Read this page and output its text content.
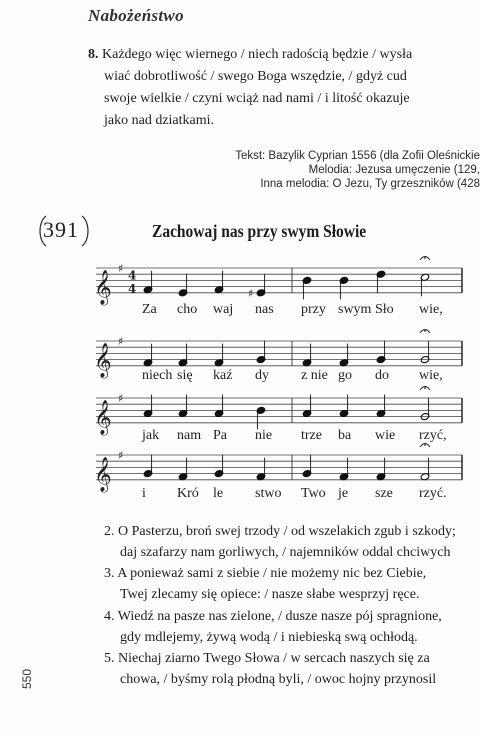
Nabożeństwo
8. Każdego więc wiernego / niech radością będzie / wysła
wiać dobrotliwość / swego Boga wszędzie, / gdyż cud
swoje wielkie / czyni wciąż nad nami / i litość okazuje
jako nad dziatkami.
Tekst: Bazylik Cyprian 1556 (dla Zofii Oleśnickie
Melodia: Jezusa umęczenie (129,
Inna melodia: O Jezu, Ty grzeszników (428
391	Zachowaj nas przy swym Słowie
𝄞
♯ 4
4	♯
𝄞
♯
𝄞
♯
𝄞
♯
Za cho waj nas przy swym Sło wie,
niech się kaź dy z nie go do wie,
jak nam Pa nie trze ba wie rzyć,
i Kró le stwo Two je sze rzyć.
2. O Pasterzu, broń swej trzody / od wszelakich zgub i szkody;
daj szafarzy nam gorliwych, / najemników oddal chciwych
3. A ponieważ sami z siebie / nie możemy nic bez Ciebie,
Twej zlecamy się opiece: / nasze słabe wesprzyj ręce.
4. Wiedź na pasze nas zielone, / dusze nasze pój spragnione,
gdy mdlejemy, żywą wodą / i niebieską swą ochłodą.
5. Niechaj ziarno Twego Słowa / w sercach naszych się za
chowa, / byśmy rolą płodną byli, / owoc hojny przynosil
550
